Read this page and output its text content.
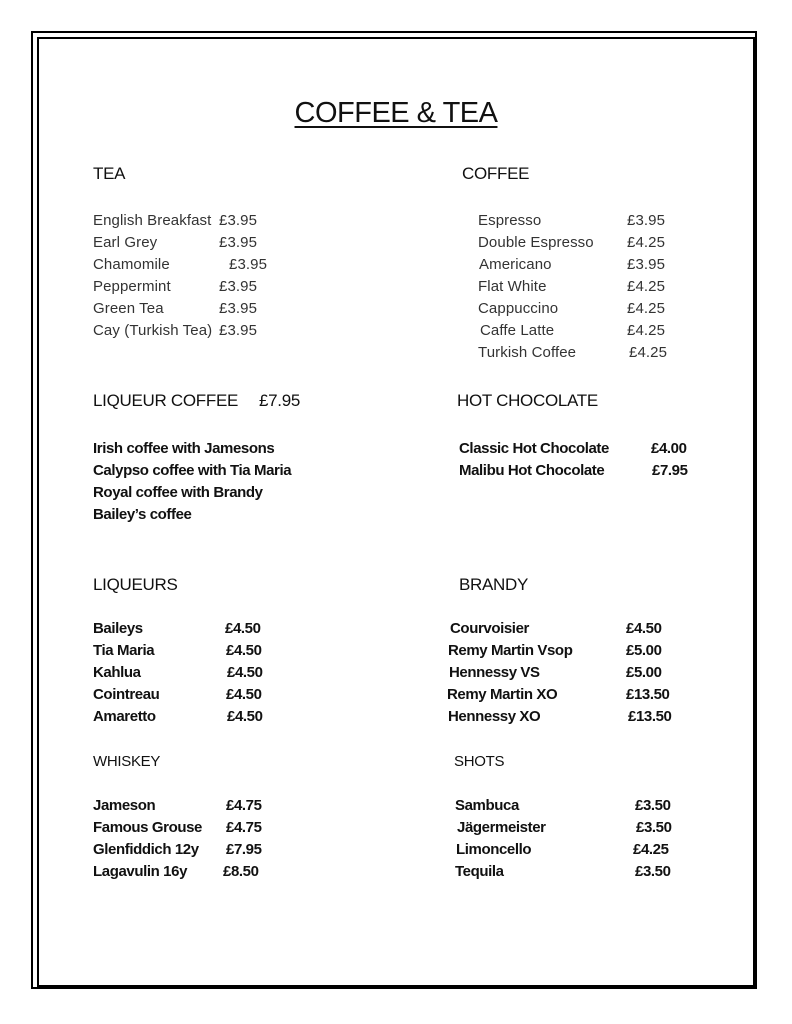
COFFEE & TEA
TEA
English Breakfast £3.95
Earl Grey	£3.95
Chamomile	£3.95
Peppermint	£3.95
Green Tea	£3.95
Cay (Turkish Tea) £3.95
COFFEE
Espresso	£3.95
Double Espresso £4.25
Americano	£3.95
Flat White	£4.25
Cappuccino	£4.25
Caffe Latte	£4.25
Turkish Coffee	£4.25
LIQUEUR COFFEE £7.95
Irish coffee with Jamesons
Calypso coffee with Tia Maria
Royal coffee with Brandy
Bailey’s coffee
HOT CHOCOLATE
Classic Hot Chocolate	£4.00
Malibu Hot Chocolate	£7.95
LIQUEURS
Baileys	£4.50
Tia Maria	£4.50
Kahlua	£4.50
Cointreau	£4.50
Amaretto	£4.50
BRANDY
Courvoisier	£4.50
Remy Martin Vsop	£5.00
Hennessy VS	£5.00
Remy Martin XO	£13.50
Hennessy XO	£13.50
WHISKEY
Jameson	£4.75
Famous Grouse £4.75
Glenfiddich 12y £7.95
Lagavulin 16y £8.50
SHOTS
Sambuca	£3.50
Jägermeister	£3.50
Limoncello	£4.25
Tequila	£3.50
